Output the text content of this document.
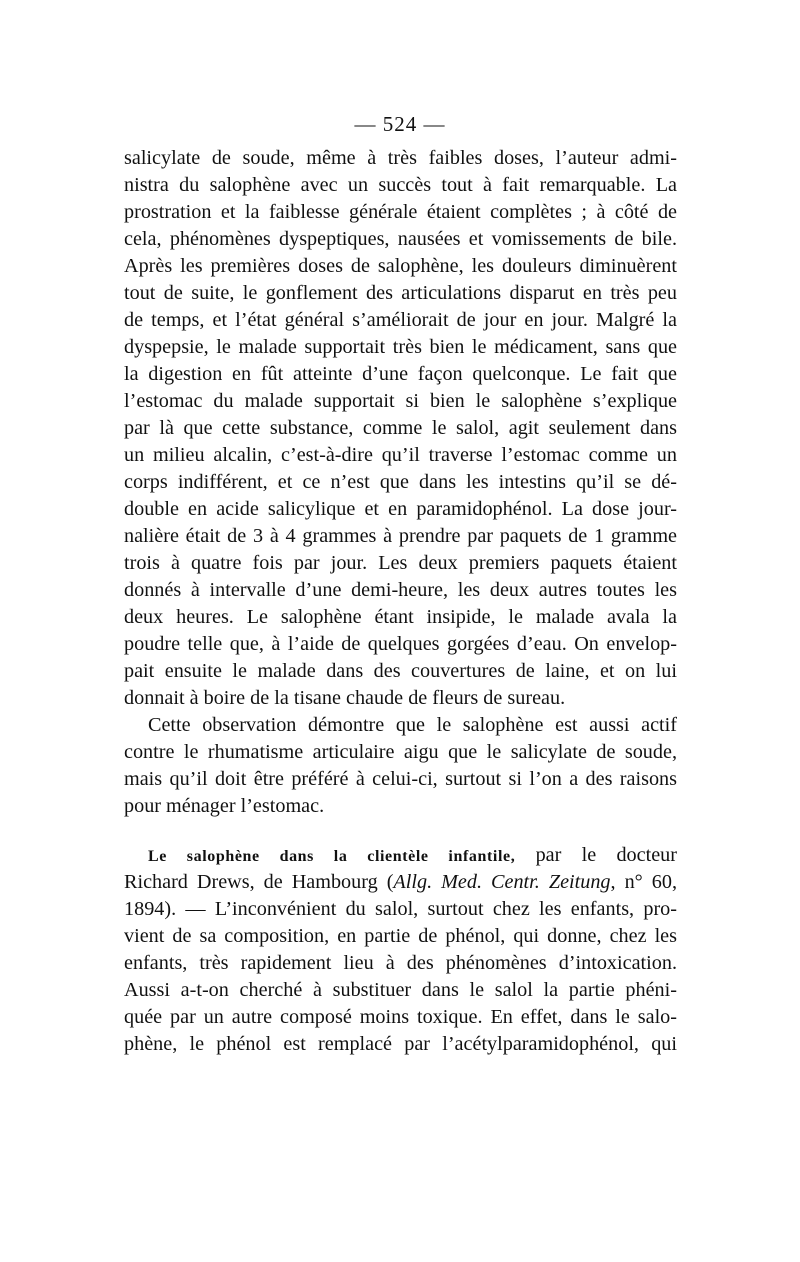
— 524 —
salicylate de soude, même à très faibles doses, l’auteur admi-
nistra du salophène avec un succès tout à fait remarquable. La
prostration et la faiblesse générale étaient complètes ; à côté de
cela, phénomènes dyspeptiques, nausées et vomissements de bile.
Après les premières doses de salophène, les douleurs diminuèrent
tout de suite, le gonflement des articulations disparut en très peu
de temps, et l’état général s’améliorait de jour en jour. Malgré la
dyspepsie, le malade supportait très bien le médicament, sans que
la digestion en fût atteinte d’une façon quelconque. Le fait que
l’estomac du malade supportait si bien le salophène s’explique
par là que cette substance, comme le salol, agit seulement dans
un milieu alcalin, c’est-à-dire qu’il traverse l’estomac comme un
corps indifférent, et ce n’est que dans les intestins qu’il se dé-
double en acide salicylique et en paramidophénol. La dose jour-
nalière était de 3 à 4 grammes à prendre par paquets de 1 gramme
trois à quatre fois par jour. Les deux premiers paquets étaient
donnés à intervalle d’une demi-heure, les deux autres toutes les
deux heures. Le salophène étant insipide, le malade avala la
poudre telle que, à l’aide de quelques gorgées d’eau. On envelop-
pait ensuite le malade dans des couvertures de laine, et on lui
donnait à boire de la tisane chaude de fleurs de sureau.
Cette observation démontre que le salophène est aussi actif
contre le rhumatisme articulaire aigu que le salicylate de soude,
mais qu’il doit être préféré à celui-ci, surtout si l’on a des raisons
pour ménager l’estomac.
Le salophène dans la clientèle infantile, par le docteur
Richard Drews, de Hambourg (Allg. Med. Centr. Zeitung, n° 60,
1894). — L’inconvénient du salol, surtout chez les enfants, pro-
vient de sa composition, en partie de phénol, qui donne, chez les
enfants, très rapidement lieu à des phénomènes d’intoxication.
Aussi a-t-on cherché à substituer dans le salol la partie phéni-
quée par un autre composé moins toxique. En effet, dans le salo-
phène, le phénol est remplacé par l’acétylparamidophénol, qui
